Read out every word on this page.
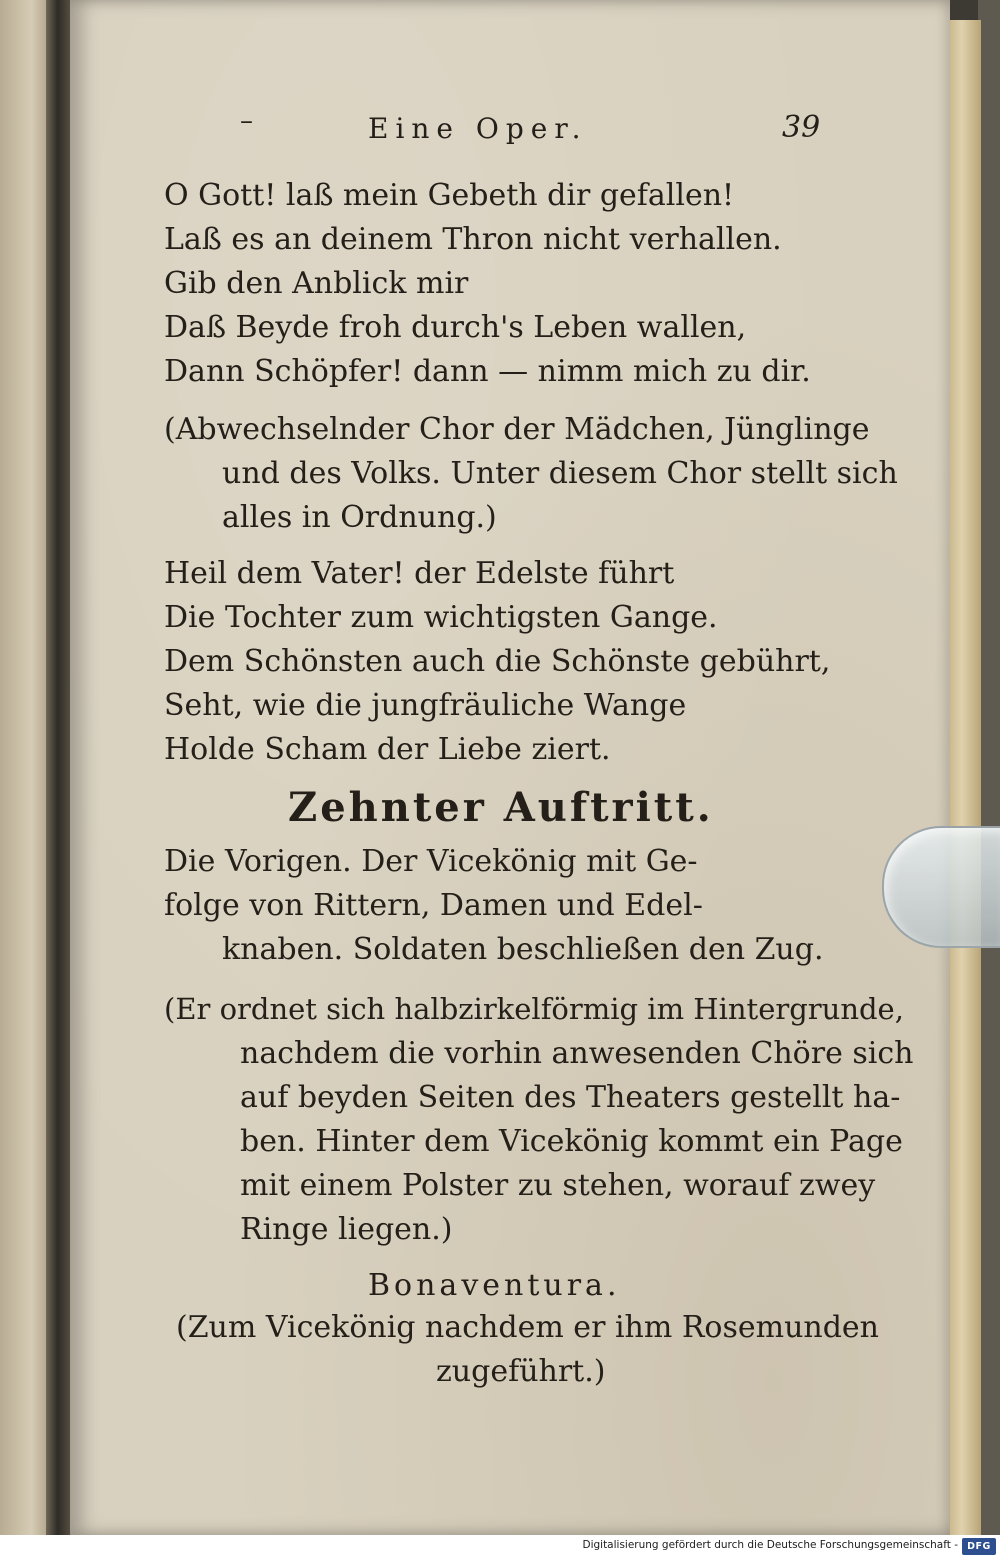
–	Eine Oper.	39
O Gott! laß mein Gebeth dir gefallen!
Laß es an deinem Thron nicht verhallen.
Gib den Anblick mir
Daß Beyde froh durch's Leben wallen,
Dann Schöpfer! dann — nimm mich zu dir.
(Abwechselnder Chor der Mädchen, Jünglinge
und des Volks. Unter diesem Chor stellt sich
alles in Ordnung.)
Heil dem Vater! der Edelste führt
Die Tochter zum wichtigsten Gange.
Dem Schönsten auch die Schönste gebührt,
Seht, wie die jungfräuliche Wange
Holde Scham der Liebe ziert.
Zehnter Auftritt.
Die Vorigen. Der Vicekönig mit Ge-
folge von Rittern, Damen und Edel-
knaben. Soldaten beschließen den Zug.
(Er ordnet sich halbzirkelförmig im Hintergrunde,
nachdem die vorhin anwesenden Chöre sich
auf beyden Seiten des Theaters gestellt ha-
ben. Hinter dem Vicekönig kommt ein Page
mit einem Polster zu stehen, worauf zwey
Ringe liegen.)
Bonaventura.
(Zum Vicekönig nachdem er ihm Rosemunden
zugeführt.)
Digitalisierung gefördert durch die Deutsche Forschungsgemeinschaft - DFG
